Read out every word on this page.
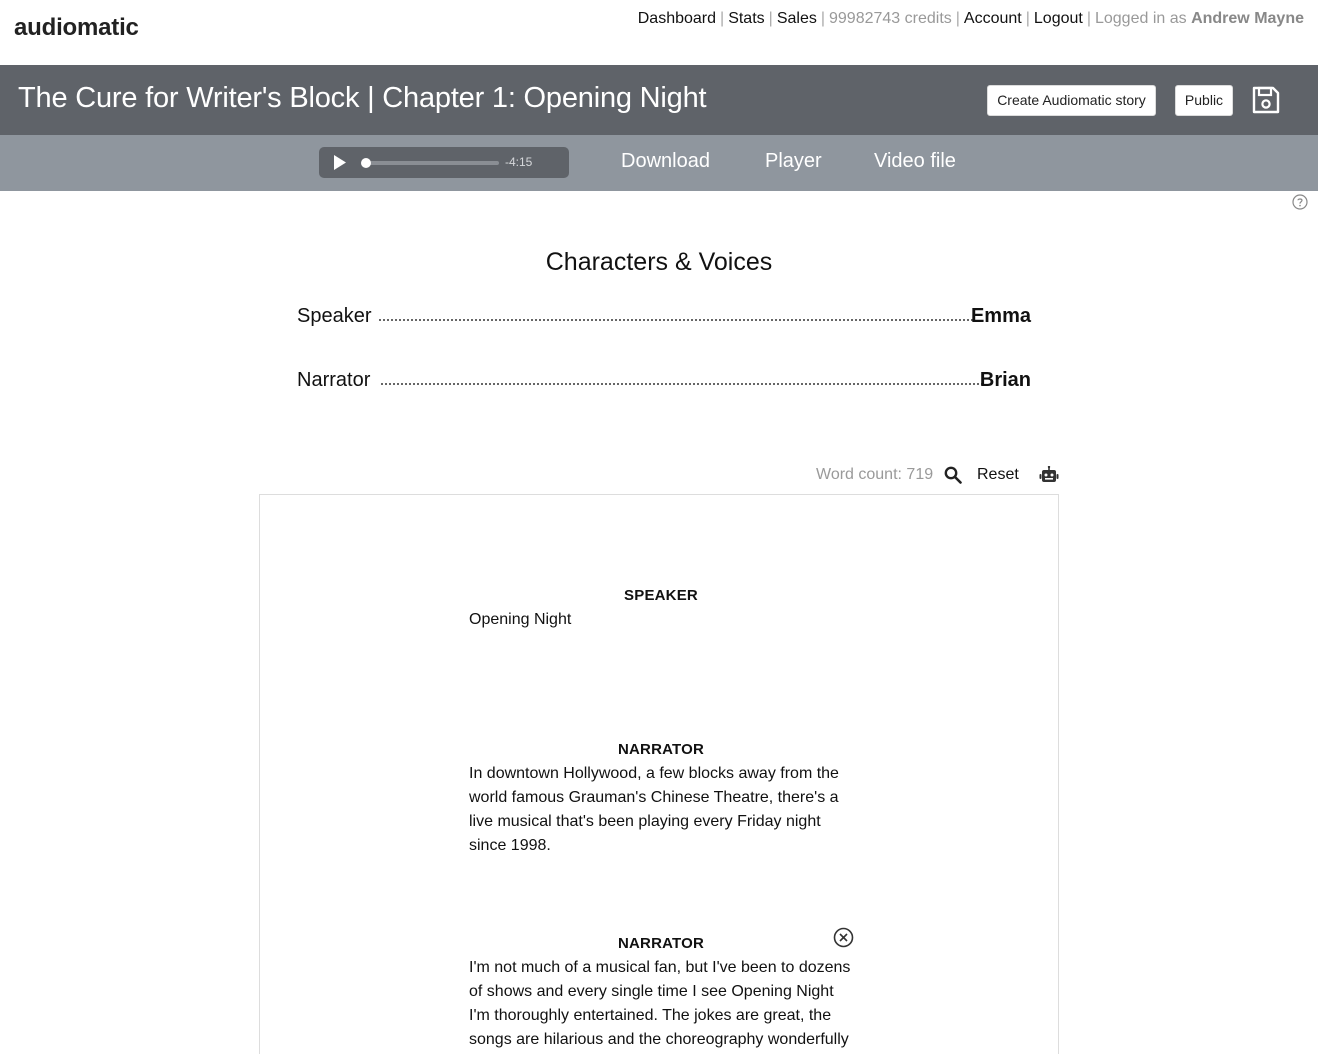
audiomatic	Dashboard | Stats | Sales | 99982743 credits | Account | Logout | Logged in as Andrew Mayne
The Cure for Writer's Block | Chapter 1: Opening Night	Create Audiomatic story	Public
-4:15	Download	Player	Video file
Characters & Voices
Speaker	Emma
Narrator	Brian
Word count: 719	Reset
SPEAKER
Opening Night
NARRATOR
In downtown Hollywood, a few blocks away from the world famous Grauman's Chinese Theatre, there's a live musical that's been playing every Friday night since 1998.
NARRATOR
I'm not much of a musical fan, but I've been to dozens of shows and every single time I see Opening Night I'm thoroughly entertained. The jokes are great, the songs are hilarious and the choreography wonderfully
